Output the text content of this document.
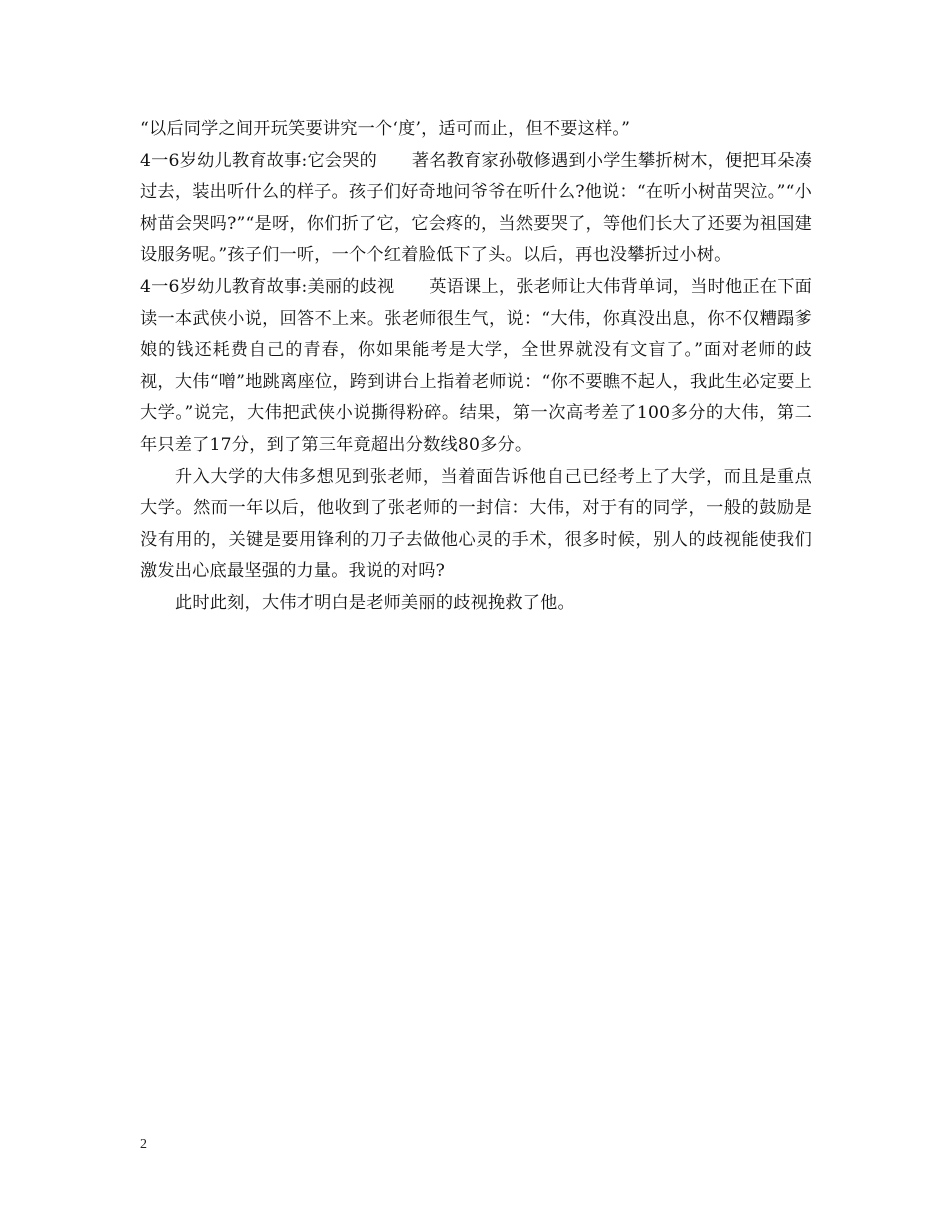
“以后同学之间开玩笑要讲究一个‘度’，适可而止，但不要这样。”

4一6岁幼儿教育故事:它会哭的　　著名教育家孙敬修遇到小学生攀折树木，便把耳朵凑过去，装出听什么的样子。孩子们好奇地问爷爷在听什么?他说：“在听小树苗哭泣。”“小树苗会哭吗?”“是呀，你们折了它，它会疼的，当然要哭了，等他们长大了还要为祖国建设服务呢。”孩子们一听，一个个红着脸低下了头。以后，再也没攀折过小树。

4一6岁幼儿教育故事:美丽的歧视　　英语课上，张老师让大伟背单词，当时他正在下面读一本武侠小说，回答不上来。张老师很生气，说：“大伟，你真没出息，你不仅糟蹋爹娘的钱还耗费自己的青春，你如果能考是大学，全世界就没有文盲了。”面对老师的歧视，大伟“噌”地跳离座位，跨到讲台上指着老师说：“你不要瞧不起人，我此生必定要上大学。”说完，大伟把武侠小说撕得粉碎。结果，第一次高考差了100多分的大伟，第二年只差了17分，到了第三年竟超出分数线80多分。

升入大学的大伟多想见到张老师，当着面告诉他自己已经考上了大学，而且是重点大学。然而一年以后，他收到了张老师的一封信：大伟，对于有的同学，一般的鼓励是没有用的，关键是要用锋利的刀子去做他心灵的手术，很多时候，别人的歧视能使我们激发出心底最坚强的力量。我说的对吗?

此时此刻，大伟才明白是老师美丽的歧视挽救了他。

2
